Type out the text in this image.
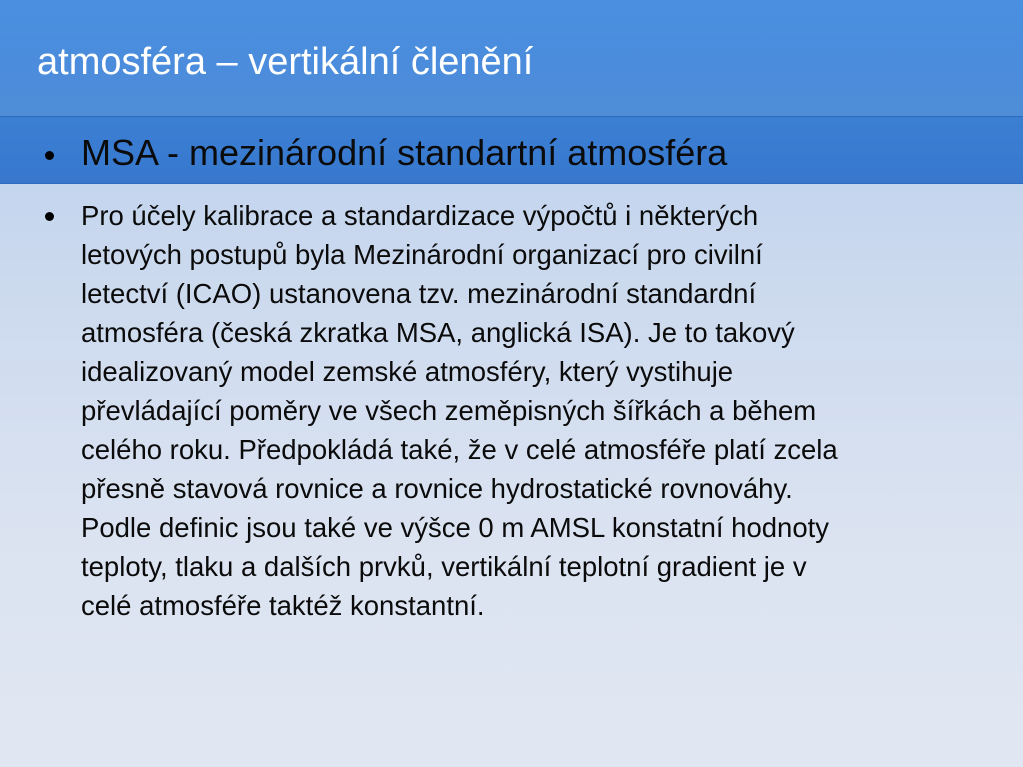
atmosféra – vertikální členění
MSA - mezinárodní standartní atmosféra
Pro účely kalibrace a standardizace výpočtů i některých
letových postupů byla Mezinárodní organizací pro civilní
letectví (ICAO) ustanovena tzv. mezinárodní standardní
atmosféra (česká zkratka MSA, anglická ISA). Je to takový
idealizovaný model zemské atmosféry, který vystihuje
převládající poměry ve všech zeměpisných šířkách a během
celého roku. Předpokládá také, že v celé atmosféře platí zcela
přesně stavová rovnice a rovnice hydrostatické rovnováhy.
Podle definic jsou také ve výšce 0 m AMSL konstatní hodnoty
teploty, tlaku a dalších prvků, vertikální teplotní gradient je v
celé atmosféře taktéž konstantní.
